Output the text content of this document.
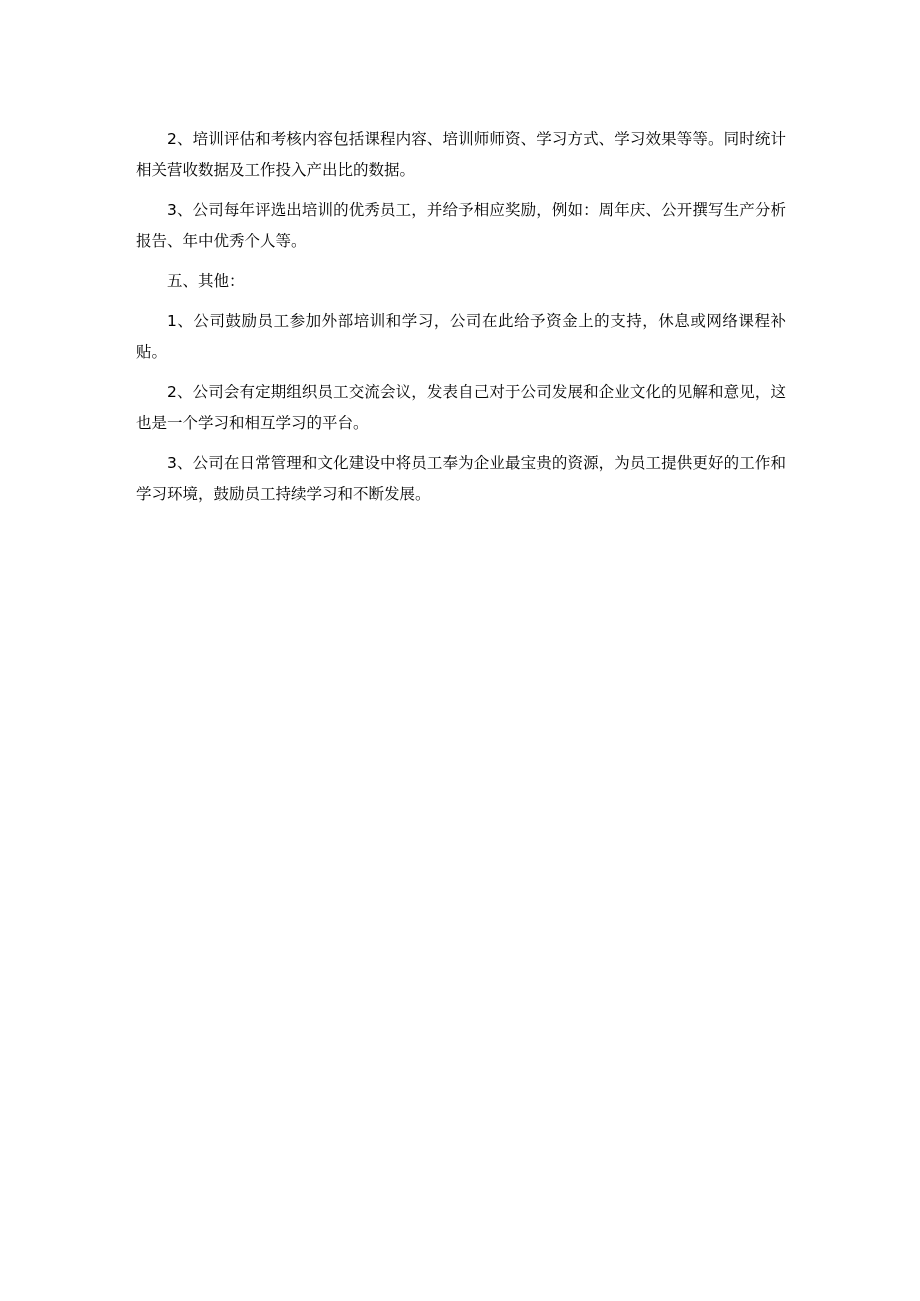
2、培训评估和考核内容包括课程内容、培训师师资、学习方式、学习效果等等。同时统计相关营收数据及工作投入产出比的数据。

3、公司每年评选出培训的优秀员工，并给予相应奖励，例如：周年庆、公开撰写生产分析报告、年中优秀个人等。

五、其他：

1、公司鼓励员工参加外部培训和学习，公司在此给予资金上的支持，休息或网络课程补贴。

2、公司会有定期组织员工交流会议，发表自己对于公司发展和企业文化的见解和意见，这也是一个学习和相互学习的平台。

3、公司在日常管理和文化建设中将员工奉为企业最宝贵的资源，为员工提供更好的工作和学习环境，鼓励员工持续学习和不断发展。
